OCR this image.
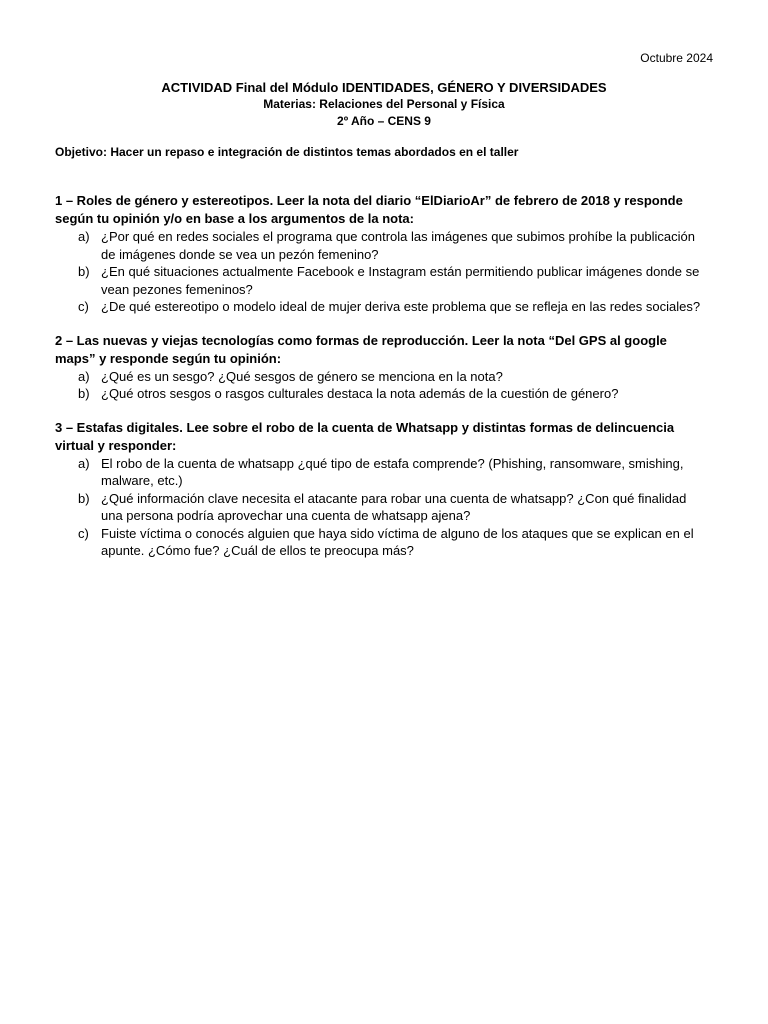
Octubre 2024
ACTIVIDAD Final del Módulo IDENTIDADES, GÉNERO Y DIVERSIDADES
Materias: Relaciones del Personal y Física
2º Año – CENS 9
Objetivo: Hacer un repaso e integración de distintos temas abordados en el taller
1 – Roles de género y estereotipos. Leer la nota del diario “ElDiarioAr” de febrero de 2018 y responde según tu opinión y/o en base a los argumentos de la nota:
a) ¿Por qué en redes sociales el programa que controla las imágenes que subimos prohíbe la publicación de imágenes donde se vea un pezón femenino?
b) ¿En qué situaciones actualmente Facebook e Instagram están permitiendo publicar imágenes donde se vean pezones femeninos?
c) ¿De qué estereotipo o modelo ideal de mujer deriva este problema que se refleja en las redes sociales?
2 – Las nuevas y viejas tecnologías como formas de reproducción. Leer la nota “Del GPS al google maps” y responde según tu opinión:
a) ¿Qué es un sesgo? ¿Qué sesgos de género se menciona en la nota?
b) ¿Qué otros sesgos o rasgos culturales destaca la nota además de la cuestión de género?
3 – Estafas digitales. Lee sobre el robo de la cuenta de Whatsapp y distintas formas de delincuencia virtual y responder:
a) El robo de la cuenta de whatsapp ¿qué tipo de estafa comprende? (Phishing, ransomware, smishing, malware, etc.)
b) ¿Qué información clave necesita el atacante para robar una cuenta de whatsapp? ¿Con qué finalidad una persona podría aprovechar una cuenta de whatsapp ajena?
c) Fuiste víctima o conocés alguien que haya sido víctima de alguno de los ataques que se explican en el apunte. ¿Cómo fue? ¿Cuál de ellos te preocupa más?
